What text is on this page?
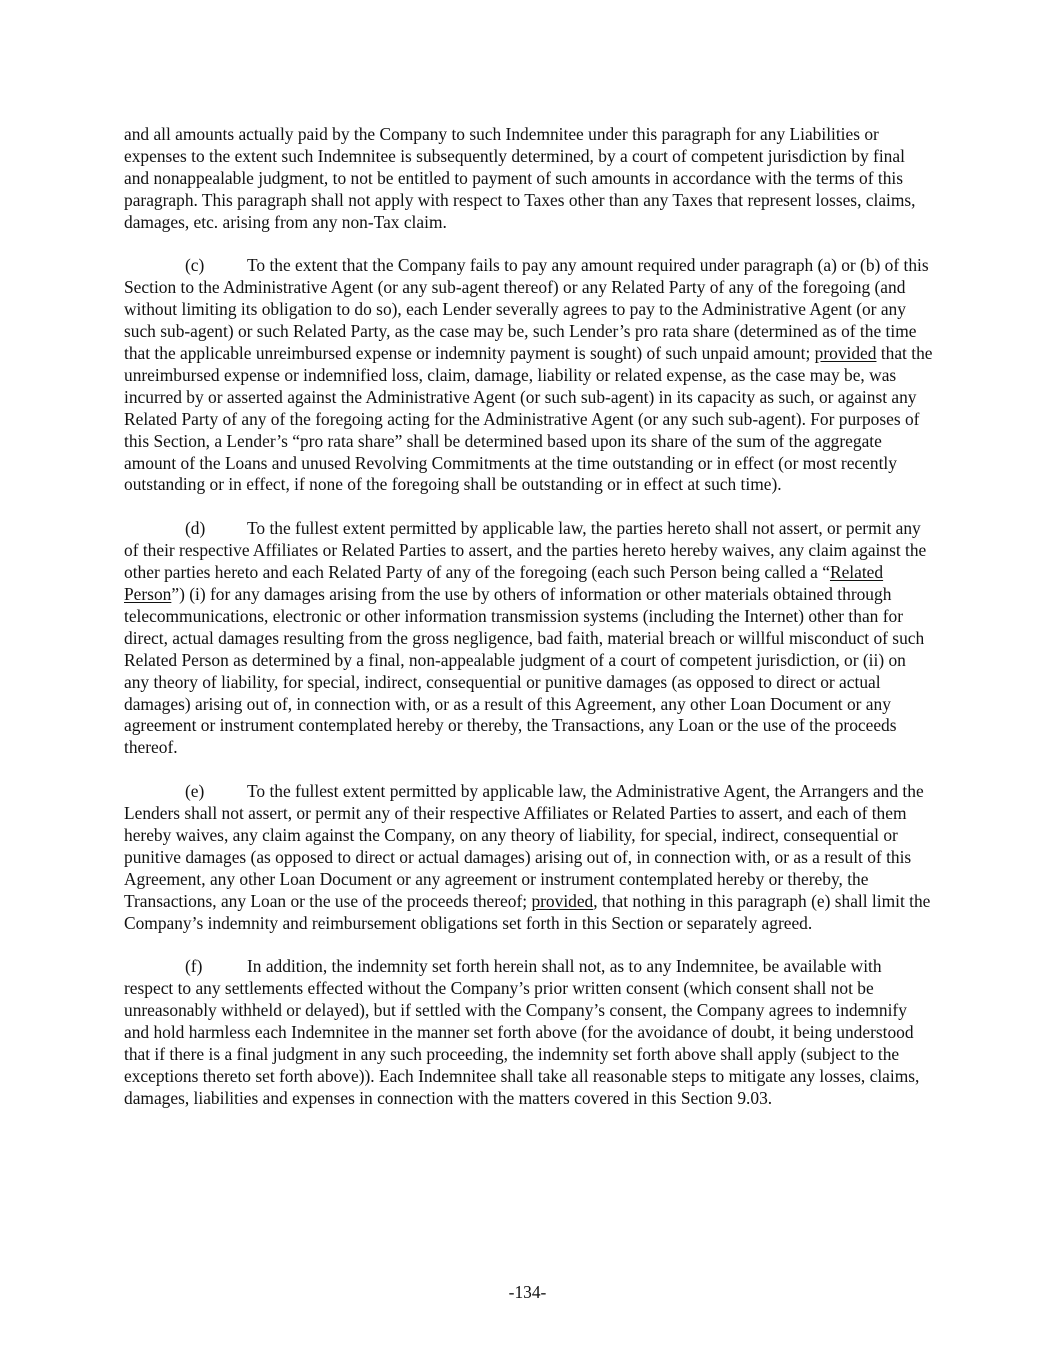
and all amounts actually paid by the Company to such Indemnitee under this paragraph for any Liabilities or expenses to the extent such Indemnitee is subsequently determined, by a court of competent jurisdiction by final and nonappealable judgment, to not be entitled to payment of such amounts in accordance with the terms of this paragraph. This paragraph shall not apply with respect to Taxes other than any Taxes that represent losses, claims, damages, etc. arising from any non-Tax claim.

(c) To the extent that the Company fails to pay any amount required under paragraph (a) or (b) of this Section to the Administrative Agent (or any sub-agent thereof) or any Related Party of any of the foregoing (and without limiting its obligation to do so), each Lender severally agrees to pay to the Administrative Agent (or any such sub-agent) or such Related Party, as the case may be, such Lender’s pro rata share (determined as of the time that the applicable unreimbursed expense or indemnity payment is sought) of such unpaid amount; provided that the unreimbursed expense or indemnified loss, claim, damage, liability or related expense, as the case may be, was incurred by or asserted against the Administrative Agent (or such sub-agent) in its capacity as such, or against any Related Party of any of the foregoing acting for the Administrative Agent (or any such sub-agent). For purposes of this Section, a Lender’s “pro rata share” shall be determined based upon its share of the sum of the aggregate amount of the Loans and unused Revolving Commitments at the time outstanding or in effect (or most recently outstanding or in effect, if none of the foregoing shall be outstanding or in effect at such time).

(d) To the fullest extent permitted by applicable law, the parties hereto shall not assert, or permit any of their respective Affiliates or Related Parties to assert, and the parties hereto hereby waives, any claim against the other parties hereto and each Related Party of any of the foregoing (each such Person being called a “Related Person”) (i) for any damages arising from the use by others of information or other materials obtained through telecommunications, electronic or other information transmission systems (including the Internet) other than for direct, actual damages resulting from the gross negligence, bad faith, material breach or willful misconduct of such Related Person as determined by a final, non-appealable judgment of a court of competent jurisdiction, or (ii) on any theory of liability, for special, indirect, consequential or punitive damages (as opposed to direct or actual damages) arising out of, in connection with, or as a result of this Agreement, any other Loan Document or any agreement or instrument contemplated hereby or thereby, the Transactions, any Loan or the use of the proceeds thereof.

(e) To the fullest extent permitted by applicable law, the Administrative Agent, the Arrangers and the Lenders shall not assert, or permit any of their respective Affiliates or Related Parties to assert, and each of them hereby waives, any claim against the Company, on any theory of liability, for special, indirect, consequential or punitive damages (as opposed to direct or actual damages) arising out of, in connection with, or as a result of this Agreement, any other Loan Document or any agreement or instrument contemplated hereby or thereby, the Transactions, any Loan or the use of the proceeds thereof; provided, that nothing in this paragraph (e) shall limit the Company’s indemnity and reimbursement obligations set forth in this Section or separately agreed.

(f)	In addition, the indemnity set forth herein shall not, as to any Indemnitee, be available with respect to any settlements effected without the Company’s prior written consent (which consent shall not be unreasonably withheld or delayed), but if settled with the Company’s consent, the Company agrees to indemnify and hold harmless each Indemnitee in the manner set forth above (for the avoidance of doubt, it being understood that if there is a final judgment in any such proceeding, the indemnity set forth above shall apply (subject to the exceptions thereto set forth above)). Each Indemnitee shall take all reasonable steps to mitigate any losses, claims, damages, liabilities and expenses in connection with the matters covered in this Section 9.03.

-134-
